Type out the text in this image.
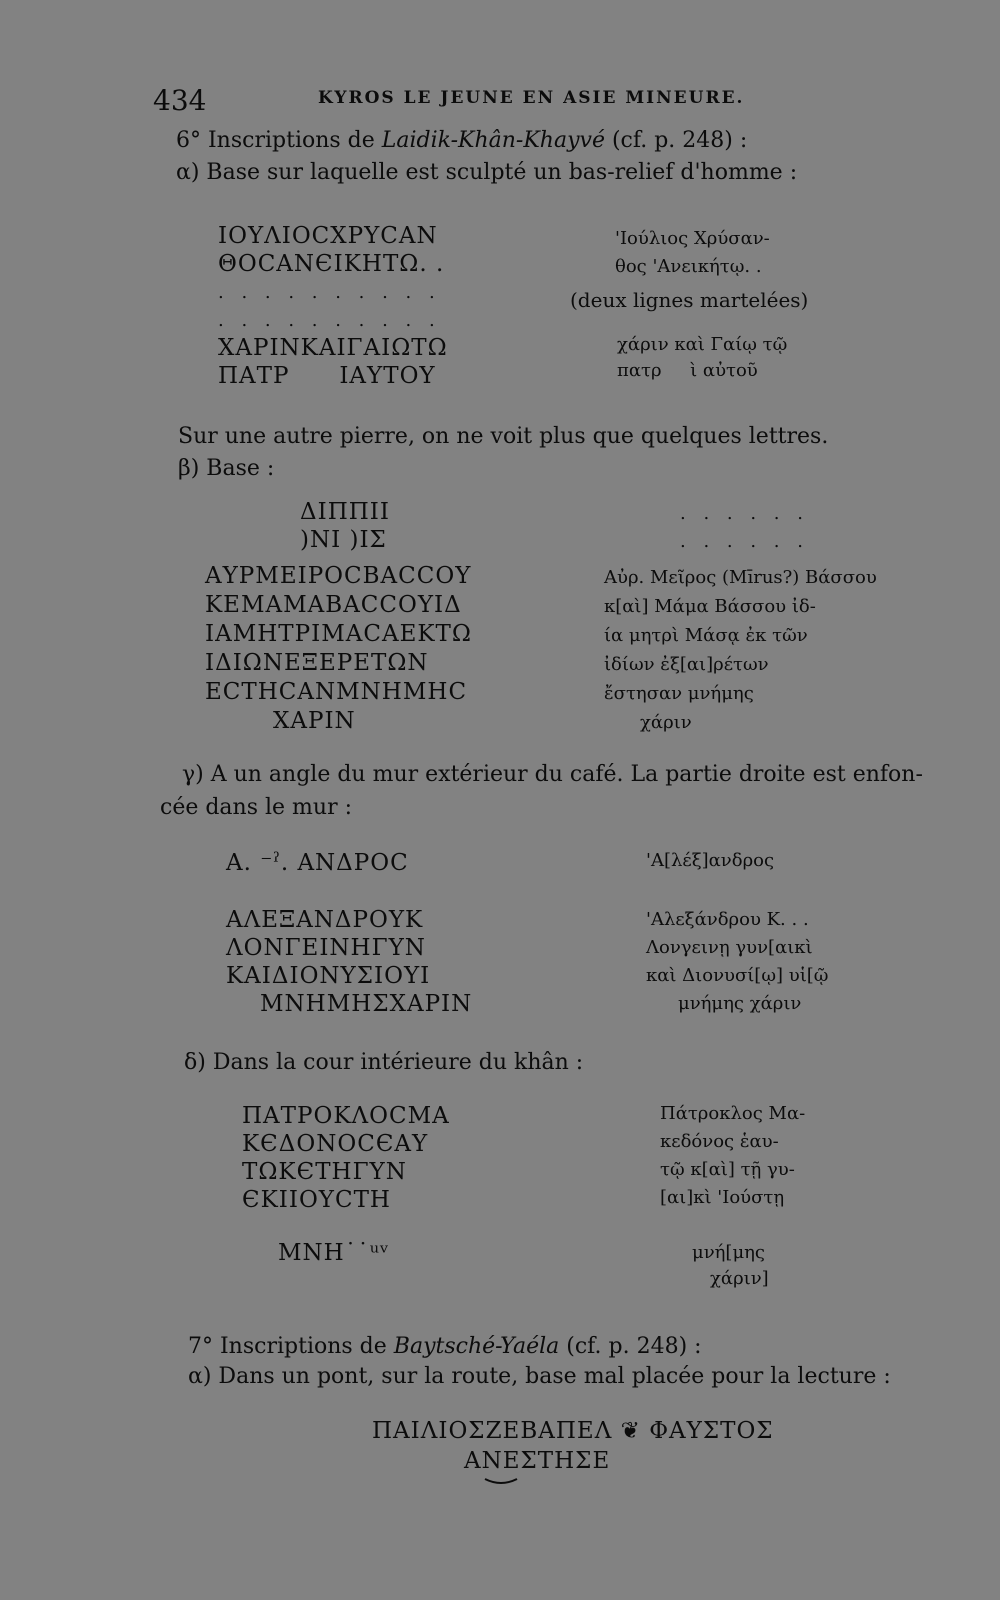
434	KYROS LE JEUNE EN ASIE MINEURE.
6° Inscriptions de Laidik-Khân-Khayvé (cf. p. 248) :
α) Base sur laquelle est sculpté un bas-relief d'homme :
ΙΟΥΛΙΟCΧΡΥCΑΝ
ΘΟCΑΝЄΙΚΗΤΩ. .
. . . . . . . . . .
. . . . . . . . . .
ΧΑΡΙΝΚΑΙΓΑΙΩΤΩ
ΠΑΤΡ      ΙΑΥΤΟΥ
'Ιούλιος Χρύσαν-
θος 'Ανεικήτῳ. .
(deux lignes martelées)
χάριν καὶ Γαίῳ τῷ
πατρ     ὶ αὐτοῦ
Sur une autre pierre, on ne voit plus que quelques lettres.
β) Base :
ΔΙΠΠΙΙ
)ΝΙ )ΙΣ
ΑΥΡΜΕΙΡΟCΒΑCCΟΥ
ΚΕΜΑΜΑΒΑCCΟΥΙΔ
ΙΑΜΗΤΡΙΜΑCΑΕΚΤΩ
ΙΔΙΩΝΕΞΕΡΕΤΩΝ
ΕCΤΗCΑΝΜΝΗΜΗC
ΧΑΡΙΝ
. . . . . .
. . . . . .
Αὐρ. Μεῖρος (Mīrus?) Βάσσου
κ[αὶ] Μάμα Βάσσου ἰδ-
ία μητρὶ Μάσᾳ ἐκ τῶν
ἰδίων ἐξ[αι]ρέτων
ἔστησαν μνήμης
χάριν
γ) A un angle du mur extérieur du café. La partie droite est enfon-
cée dans le mur :
Α. ⁻ˀ. ΑΝΔΡΟC
ΑΛΕΞΑΝΔΡΟΥΚ
ΛΟΝΓΕΙΝΗΓΥΝ
ΚΑΙΔΙΟΝΥΣΙΟΥΙ
ΜΝΗΜΗΣΧΑΡΙΝ
'Α[λέξ]ανδρος
'Αλεξάνδρου Κ. . .
Λονγεινῃ γυν[αικὶ
καὶ Διονυσί[ῳ] υἱ[ῷ
μνήμης χάριν
δ) Dans la cour intérieure du khân :
ΠΑΤΡΟΚΛΟCΜΑ
ΚЄΔΟΝΟCЄΑΥ
ΤΩΚЄΤΗΓΥΝ
ЄΚΙΙΟΥCΤΗ
ΜΝΗ˙˙ᵘᵛ
Πάτροκλος Μα-
κεδόνος ἑαυ-
τῷ κ[αὶ] τῇ γυ-
[αι]κὶ 'Ιούστῃ
μνή[μης
χάριν]
7° Inscriptions de Baytsché-Yaéla (cf. p. 248) :
α) Dans un pont, sur la route, base mal placée pour la lecture :
ΠΑΙΛΙΟΣΖΕΒΑΠΕΛ ❦ ΦΑΥΣΤΟΣ
ΑΝΕΣΤΗΣΕ
